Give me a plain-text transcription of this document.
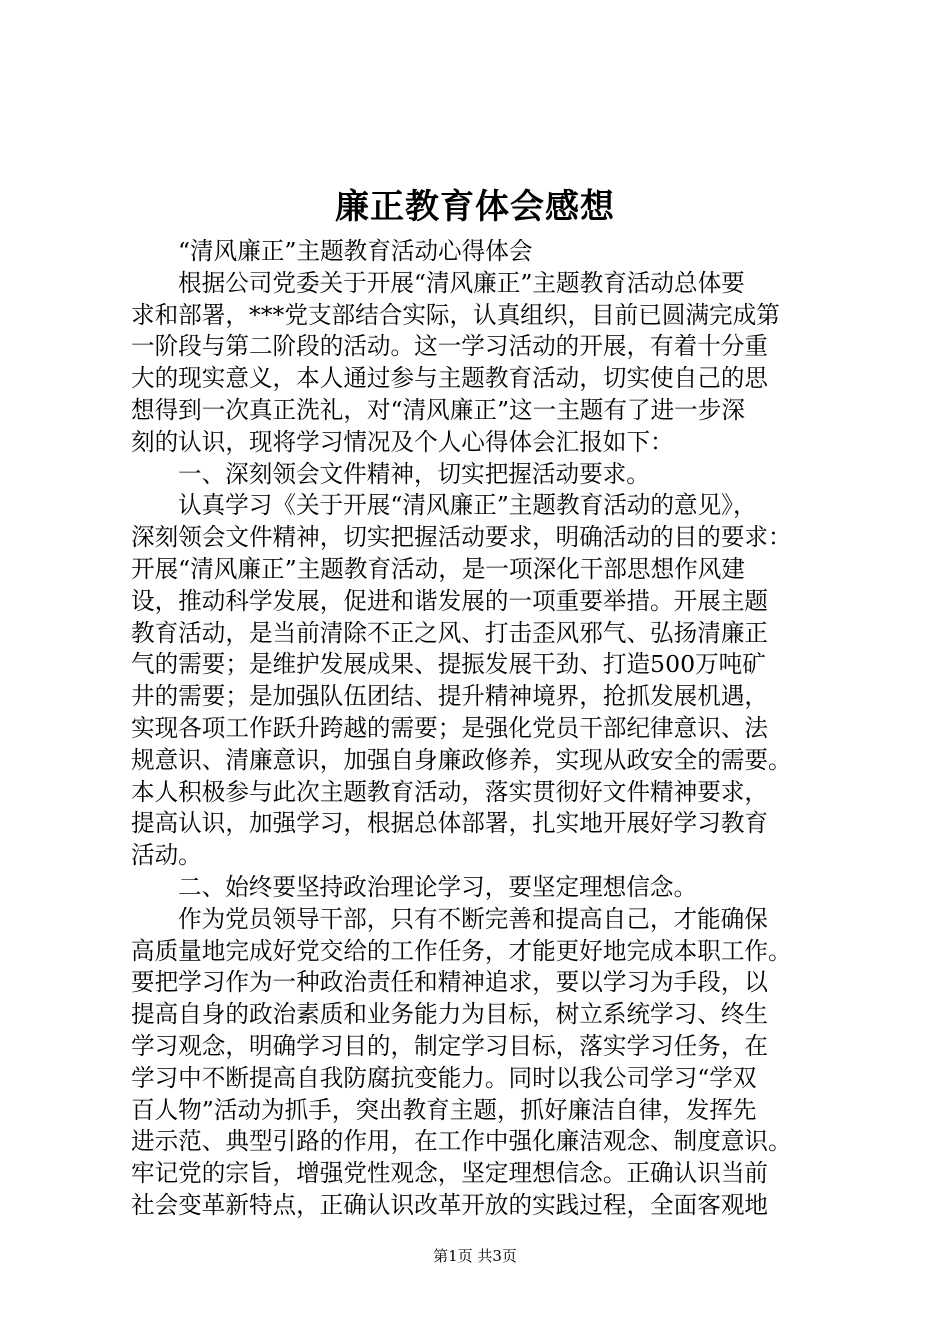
廉正教育体会感想
“清风廉正”主题教育活动心得体会
根据公司党委关于开展“清风廉正”主题教育活动总体要
求和部署，***党支部结合实际，认真组织，目前已圆满完成第
一阶段与第二阶段的活动。这一学习活动的开展，有着十分重
大的现实意义，本人通过参与主题教育活动，切实使自己的思
想得到一次真正洗礼，对“清风廉正”这一主题有了进一步深
刻的认识，现将学习情况及个人心得体会汇报如下：
一、深刻领会文件精神，切实把握活动要求。
认真学习《关于开展“清风廉正”主题教育活动的意见》，
深刻领会文件精神，切实把握活动要求，明确活动的目的要求：
开展“清风廉正”主题教育活动，是一项深化干部思想作风建
设，推动科学发展，促进和谐发展的一项重要举措。开展主题
教育活动，是当前清除不正之风、打击歪风邪气、弘扬清廉正
气的需要；是维护发展成果、提振发展干劲、打造500万吨矿
井的需要；是加强队伍团结、提升精神境界，抢抓发展机遇，
实现各项工作跃升跨越的需要；是强化党员干部纪律意识、法
规意识、清廉意识，加强自身廉政修养，实现从政安全的需要。
本人积极参与此次主题教育活动，落实贯彻好文件精神要求，
提高认识，加强学习，根据总体部署，扎实地开展好学习教育
活动。
二、始终要坚持政治理论学习，要坚定理想信念。
作为党员领导干部，只有不断完善和提高自己，才能确保
高质量地完成好党交给的工作任务，才能更好地完成本职工作。
要把学习作为一种政治责任和精神追求，要以学习为手段，以
提高自身的政治素质和业务能力为目标，树立系统学习、终生
学习观念，明确学习目的，制定学习目标，落实学习任务，在
学习中不断提高自我防腐抗变能力。同时以我公司学习“学双
百人物”活动为抓手，突出教育主题，抓好廉洁自律，发挥先
进示范、典型引路的作用，在工作中强化廉洁观念、制度意识。
牢记党的宗旨，增强党性观念，坚定理想信念。正确认识当前
社会变革新特点，正确认识改革开放的实践过程，全面客观地
第1页 共3页
